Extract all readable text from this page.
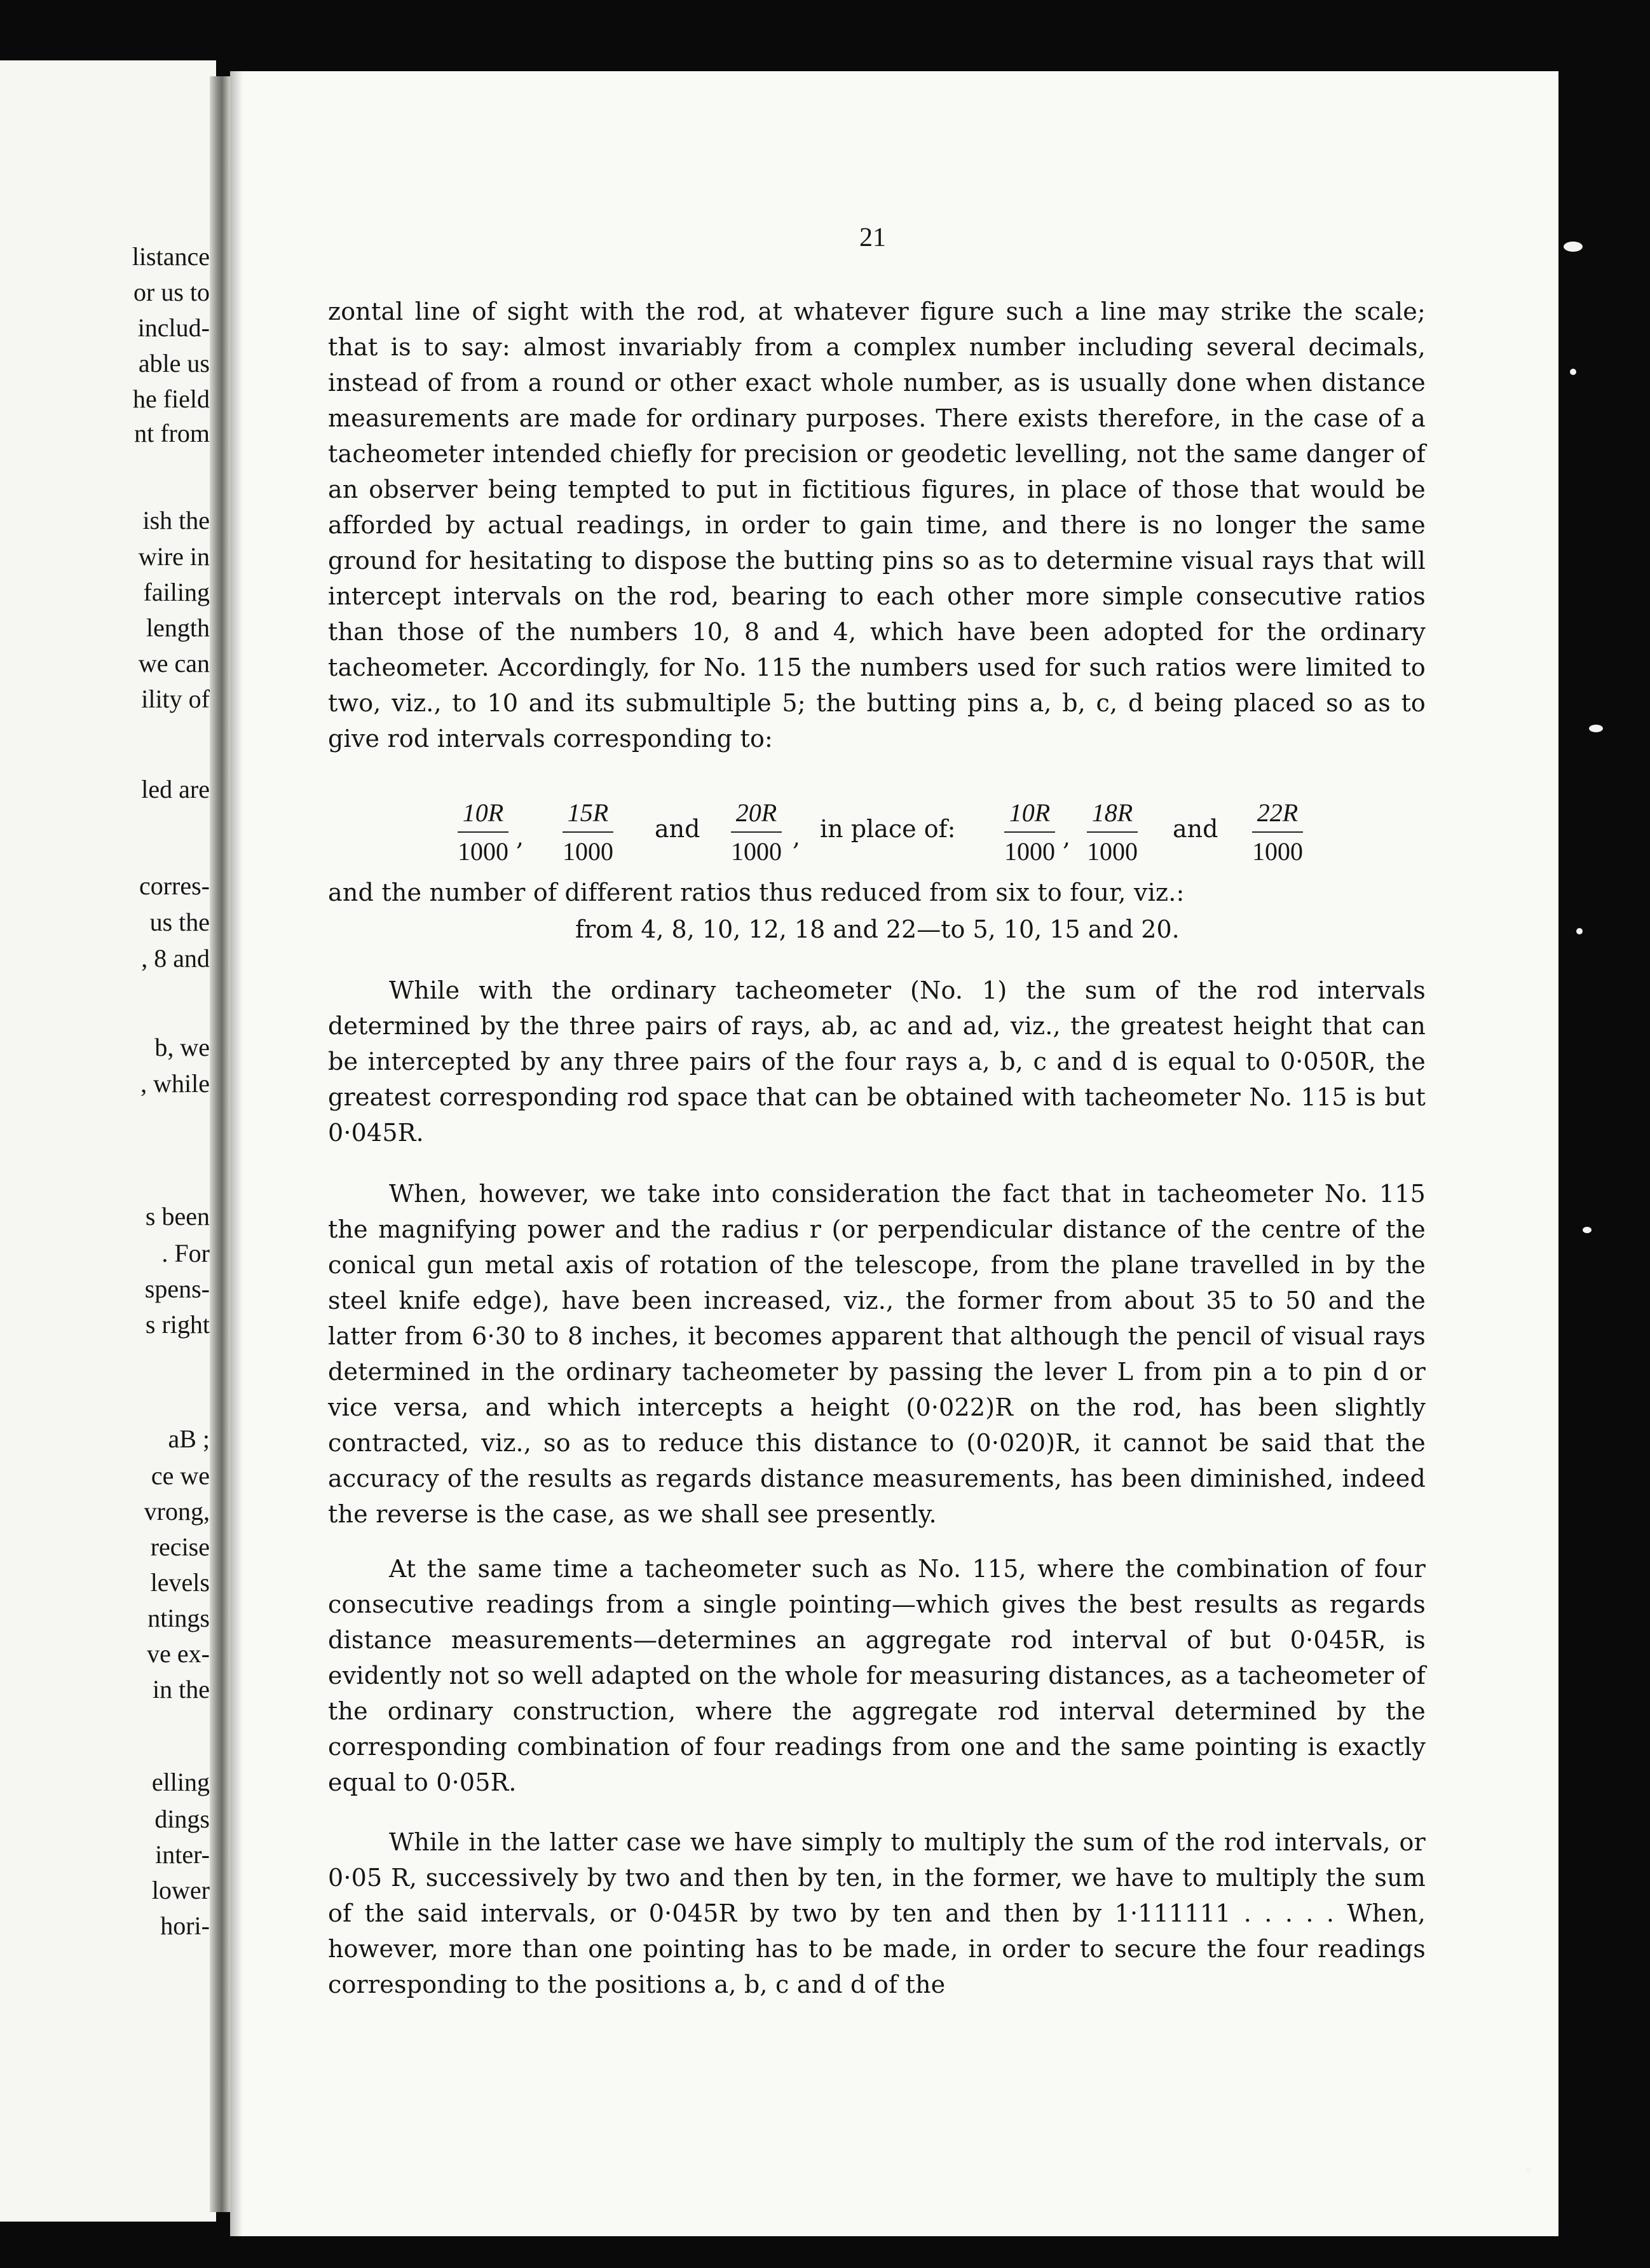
listance
or us to
includ-
able us
he field
nt from
ish the
wire in
failing
length
we can
ility of
led are
corres-
us the
, 8 and
b, we
, while
s been
. For
spens-
s right
aB ;
ce we
vrong,
recise
levels
ntings
ve ex-
in the
elling
dings
inter-
lower
hori-
21
zontal line of sight with the rod, at whatever figure such a line may strike the scale; that is to say: almost invariably from a complex number including several decimals, instead of from a round or other exact whole number, as is usually done when distance measurements are made for ordinary purposes. There exists therefore, in the case of a tacheometer intended chiefly for precision or geodetic levelling, not the same danger of an observer being tempted to put in fictitious figures, in place of those that would be afforded by actual readings, in order to gain time, and there is no longer the same ground for hesitating to dispose the butting pins so as to determine visual rays that will intercept intervals on the rod, bearing to each other more simple consecutive ratios than those of the numbers 10, 8 and 4, which have been adopted for the ordinary tacheometer. Accordingly, for No. 115 the numbers used for such ratios were limited to two, viz., to 10 and its submultiple 5; the butting pins a, b, c, d being placed so as to give rod intervals corresponding to:
$\frac{10R}{1000}$ , $\frac{15R}{1000}$ and $\frac{20R}{1000}$ , in place of: $\frac{10R}{1000}$ , $\frac{18R}{1000}$ and $\frac{22R}{1000}$
and the number of different ratios thus reduced from six to four, viz.:
from 4, 8, 10, 12, 18 and 22—to 5, 10, 15 and 20.
While with the ordinary tacheometer (No. 1) the sum of the rod intervals determined by the three pairs of rays, ab, ac and ad, viz., the greatest height that can be intercepted by any three pairs of the four rays a, b, c and d is equal to 0·050R, the greatest corresponding rod space that can be obtained with tacheometer No. 115 is but 0·045R.
When, however, we take into consideration the fact that in tacheometer No. 115 the magnifying power and the radius r (or perpendicular distance of the centre of the conical gun metal axis of rotation of the telescope, from the plane travelled in by the steel knife edge), have been increased, viz., the former from about 35 to 50 and the latter from 6·30 to 8 inches, it becomes apparent that although the pencil of visual rays determined in the ordinary tacheometer by passing the lever L from pin a to pin d or vice versa, and which intercepts a height (0·022)R on the rod, has been slightly contracted, viz., so as to reduce this distance to (0·020)R, it cannot be said that the accuracy of the results as regards distance measurements, has been diminished, indeed the reverse is the case, as we shall see presently.
At the same time a tacheometer such as No. 115, where the combination of four consecutive readings from a single pointing—which gives the best results as regards distance measurements—determines an aggregate rod interval of but 0·045R, is evidently not so well adapted on the whole for measuring distances, as a tacheometer of the ordinary construction, where the aggregate rod interval determined by the corresponding combination of four readings from one and the same pointing is exactly equal to 0·05R.
While in the latter case we have simply to multiply the sum of the rod intervals, or 0·05 R, successively by two and then by ten, in the former, we have to multiply the sum of the said intervals, or 0·045R by two by ten and then by 1·111111 . . . . . When, however, more than one pointing has to be made, in order to secure the four readings corresponding to the positions a, b, c and d of the
